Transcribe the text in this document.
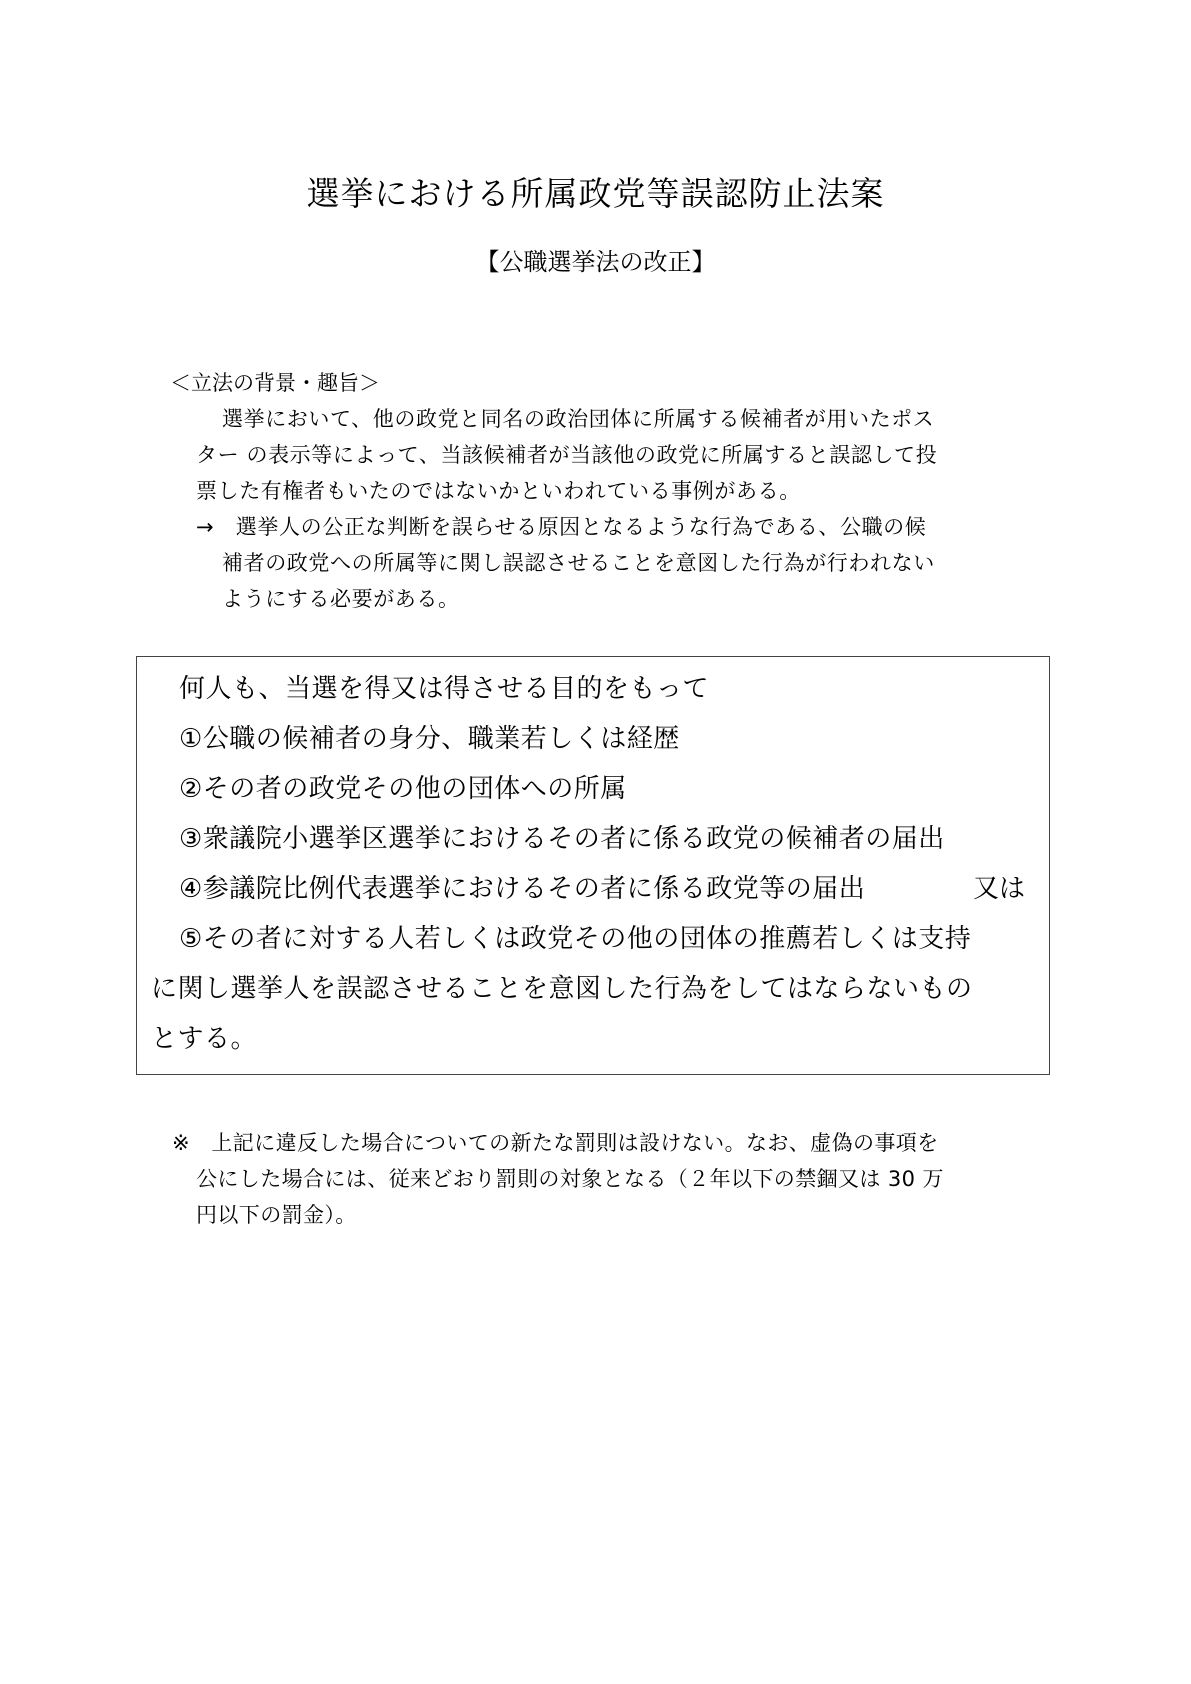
選挙における所属政党等誤認防止法案
【公職選挙法の改正】
＜立法の背景・趣旨＞
選挙において、他の政党と同名の政治団体に所属する候補者が用いたポス
ター の表示等によって、当該候補者が当該他の政党に所属すると誤認して投
票した有権者もいたのではないかといわれている事例がある。
→　選挙人の公正な判断を誤らせる原因となるような行為である、公職の候
補者の政党への所属等に関し誤認させることを意図した行為が行われない
ようにする必要がある。
何人も、当選を得又は得させる目的をもって
①公職の候補者の身分、職業若しくは経歴
②その者の政党その他の団体への所属
③衆議院小選挙区選挙におけるその者に係る政党の候補者の届出
④参議院比例代表選挙におけるその者に係る政党等の届出	又は
⑤その者に対する人若しくは政党その他の団体の推薦若しくは支持
に関し選挙人を誤認させることを意図した行為をしてはならないもの
とする。
※　上記に違反した場合についての新たな罰則は設けない。なお、虚偽の事項を
公にした場合には、従来どおり罰則の対象となる（２年以下の禁錮又は 30 万
円以下の罰金）。
